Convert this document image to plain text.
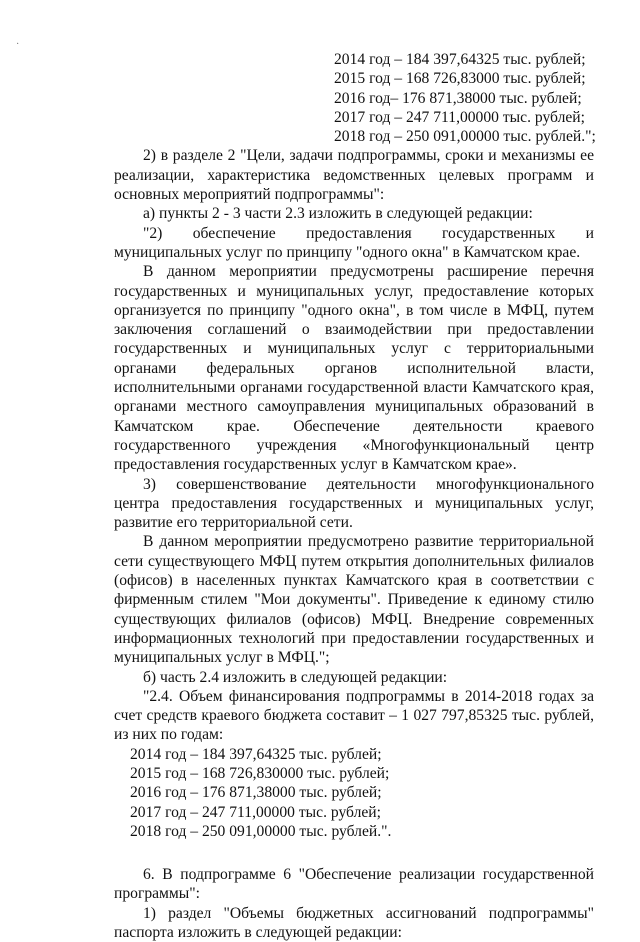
·
2014 год – 184 397,64325 тыс. рублей;
2015 год – 168 726,83000 тыс. рублей;
2016 год– 176 871,38000 тыс. рублей;
2017 год – 247 711,00000 тыс. рублей;
2018 год – 250 091,00000 тыс. рублей.";

2) в разделе 2 "Цели, задачи подпрограммы, сроки и механизмы ее реализации, характеристика ведомственных целевых программ и основных мероприятий подпрограммы":

а) пункты 2 - 3 части 2.3 изложить в следующей редакции:

"2) обеспечение предоставления государственных и муниципальных услуг по принципу "одного окна" в Камчатском крае.

В данном мероприятии предусмотрены расширение перечня государственных и муниципальных услуг, предоставление которых организуется по принципу "одного окна", в том числе в МФЦ, путем заключения соглашений о взаимодействии при предоставлении государственных и муниципальных услуг с территориальными органами федеральных органов исполнительной власти, исполнительными органами государственной власти Камчатского края, органами местного самоуправления муниципальных образований в Камчатском крае. Обеспечение деятельности краевого государственного учреждения «Многофункциональный центр предоставления государственных услуг в Камчатском крае».

3) совершенствование деятельности многофункционального центра предоставления государственных и муниципальных услуг, развитие его территориальной сети.

В данном мероприятии предусмотрено развитие территориальной сети существующего МФЦ путем открытия дополнительных филиалов (офисов) в населенных пунктах Камчатского края в соответствии с фирменным стилем "Мои документы". Приведение к единому стилю существующих филиалов (офисов) МФЦ. Внедрение современных информационных технологий при предоставлении государственных и муниципальных услуг в МФЦ.";

б) часть 2.4 изложить в следующей редакции:

"2.4. Объем финансирования подпрограммы в 2014-2018 годах за счет средств краевого бюджета составит – 1 027 797,85325 тыс. рублей, из них по годам:

2014 год – 184 397,64325 тыс. рублей;
2015 год – 168 726,830000 тыс. рублей;
2016 год – 176 871,38000 тыс. рублей;
2017 год – 247 711,00000 тыс. рублей;
2018 год – 250 091,00000 тыс. рублей.".

6. В подпрограмме 6 "Обеспечение реализации государственной программы":

1) раздел "Объемы бюджетных ассигнований подпрограммы" паспорта изложить в следующей редакции:
